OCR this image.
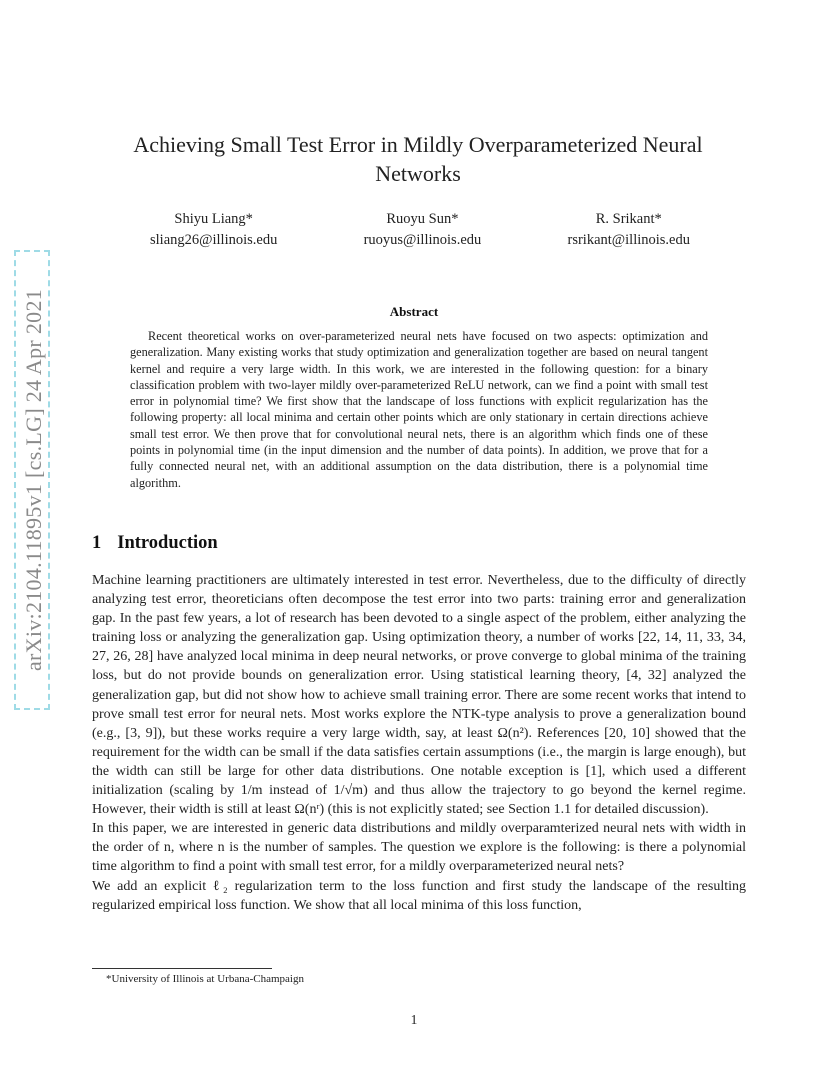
arXiv:2104.11895v1 [cs.LG] 24 Apr 2021
Achieving Small Test Error in Mildly Overparameterized Neural Networks
Shiyu Liang*
sliang26@illinois.edu
Ruoyu Sun*
ruoyus@illinois.edu
R. Srikant*
rsrikant@illinois.edu
Abstract

Recent theoretical works on over-parameterized neural nets have focused on two aspects: optimization and generalization. Many existing works that study optimization and generalization together are based on neural tangent kernel and require a very large width. In this work, we are interested in the following question: for a binary classification problem with two-layer mildly over-parameterized ReLU network, can we find a point with small test error in polynomial time? We first show that the landscape of loss functions with explicit regularization has the following property: all local minima and certain other points which are only stationary in certain directions achieve small test error. We then prove that for convolutional neural nets, there is an algorithm which finds one of these points in polynomial time (in the input dimension and the number of data points). In addition, we prove that for a fully connected neural net, with an additional assumption on the data distribution, there is a polynomial time algorithm.

1 Introduction

Machine learning practitioners are ultimately interested in test error. Nevertheless, due to the difficulty of directly analyzing test error, theoreticians often decompose the test error into two parts: training error and generalization gap. In the past few years, a lot of research has been devoted to a single aspect of the problem, either analyzing the training loss or analyzing the generalization gap. Using optimization theory, a number of works [22, 14, 11, 33, 34, 27, 26, 28] have analyzed local minima in deep neural networks, or prove converge to global minima of the training loss, but do not provide bounds on generalization error. Using statistical learning theory, [4, 32] analyzed the generalization gap, but did not show how to achieve small training error. There are some recent works that intend to prove small test error for neural nets. Most works explore the NTK-type analysis to prove a generalization bound (e.g., [3, 9]), but these works require a very large width, say, at least Ω(n²). References [20, 10] showed that the requirement for the width can be small if the data satisfies certain assumptions (i.e., the margin is large enough), but the width can still be large for other data distributions. One notable exception is [1], which used a different initialization (scaling by 1/m instead of 1/√m) and thus allow the trajectory to go beyond the kernel regime. However, their width is still at least Ω(nʳ) (this is not explicitly stated; see Section 1.1 for detailed discussion).

In this paper, we are interested in generic data distributions and mildly overparamterized neural nets with width in the order of n, where n is the number of samples. The question we explore is the following: is there a polynomial time algorithm to find a point with small test error, for a mildly overparameterized neural nets?

We add an explicit ℓ₂ regularization term to the loss function and first study the landscape of the resulting regularized empirical loss function. We show that all local minima of this loss function,

*University of Illinois at Urbana-Champaign
1
